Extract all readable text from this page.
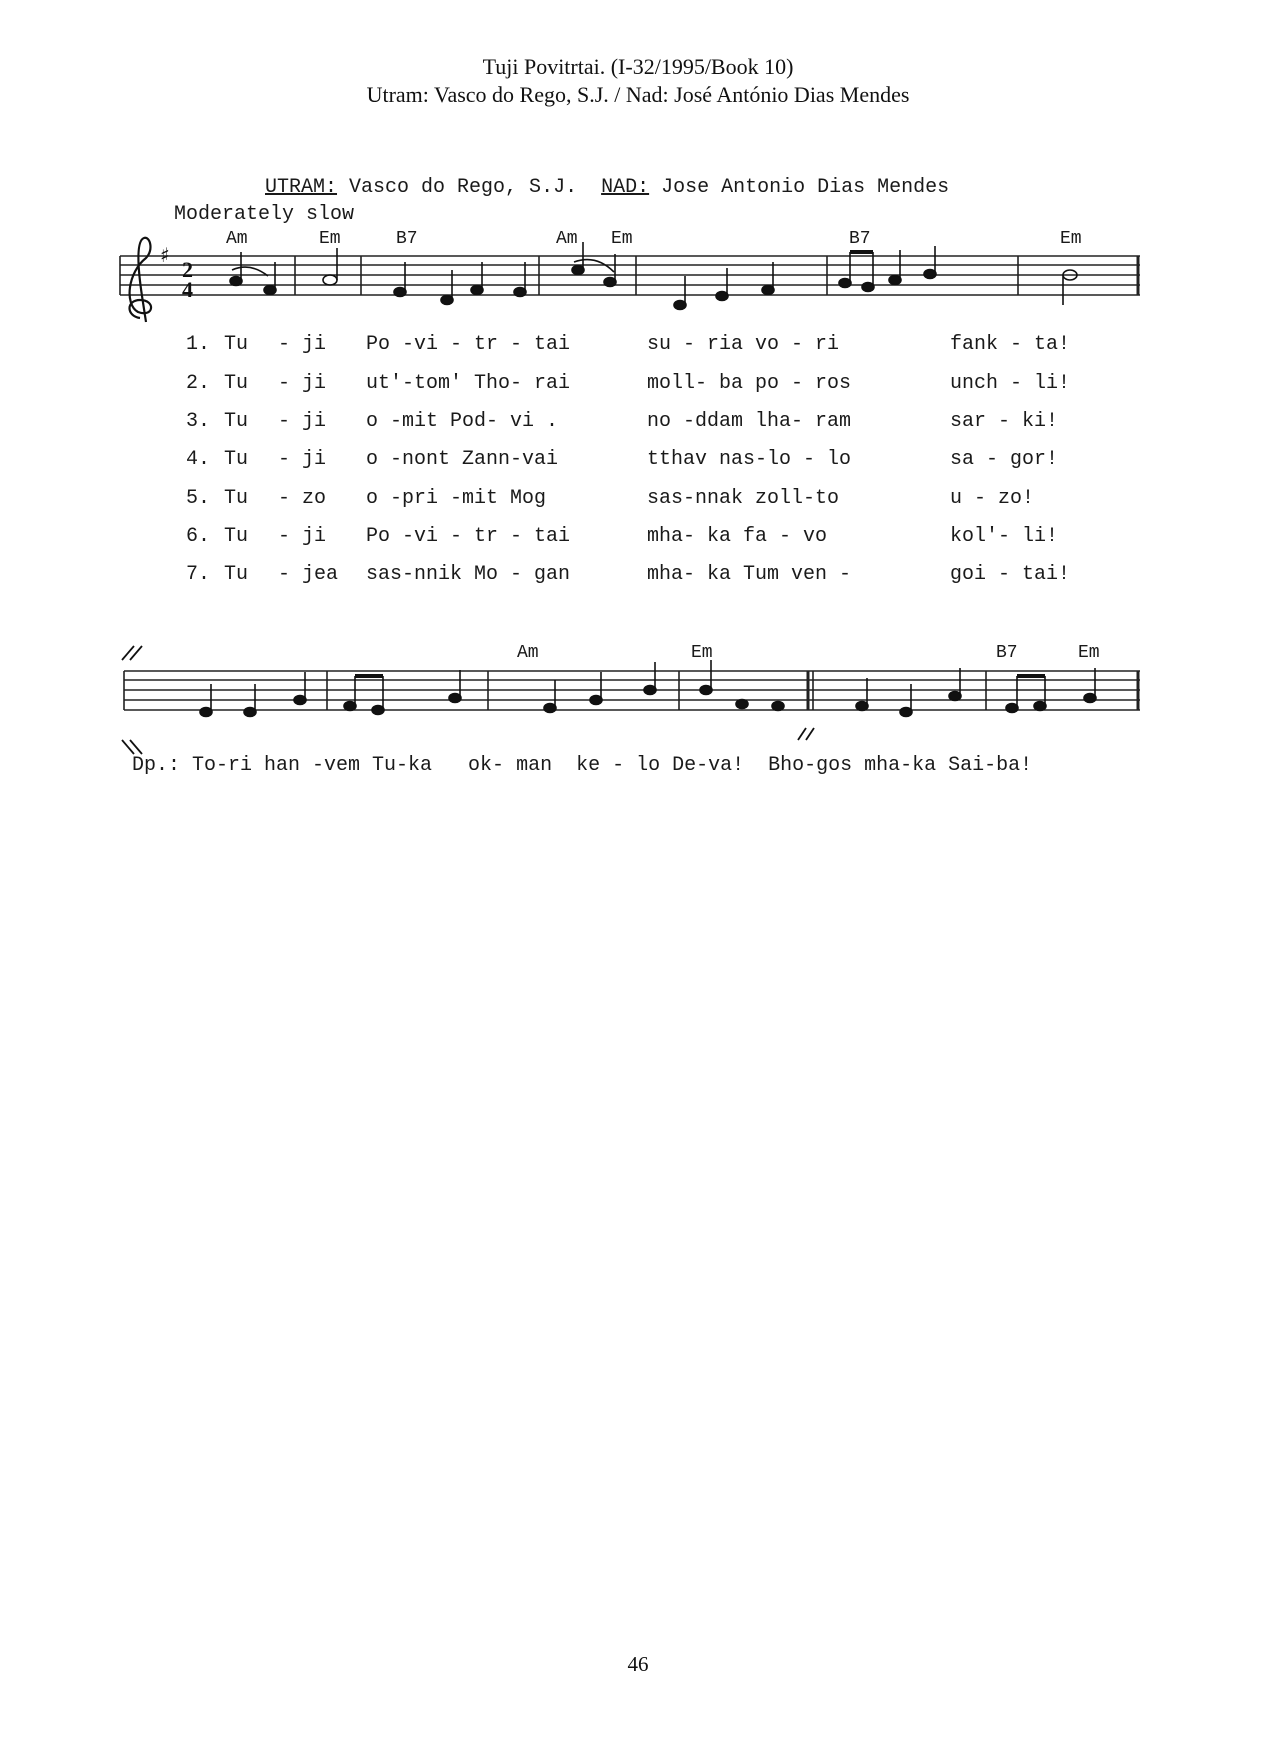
Tuji Povitrtai. (I-32/1995/Book 10)
Utram: Vasco do Rego, S.J. / Nad: José António Dias Mendes
UTRAM: Vasco do Rego, S.J. NAD: Jose Antonio Dias Mendes
Moderately slow
Am	Em	B7	Am Em	B7	Em
♯
2
4
1. Tu - ji Po -vi - tr - tai	su - ria vo - ri	fank - ta!
2. Tu - ji ut'-tom' Tho- rai	moll- ba po - ros	unch - li!
3. Tu - ji o -mit Pod- vi .	no -ddam lha- ram	sar - ki!
4. Tu - ji o -nont Zann-vai	tthav nas-lo - lo	sa - gor!
5. Tu - zo o -pri -mit Mog	sas-nnak zoll-to	u - zo!
6. Tu - ji Po -vi - tr - tai	mha- ka fa - vo	kol'- li!
7. Tu - jea sas-nnik Mo - gan	mha- ka Tum ven -	goi - tai!
Am	Em	B7	Em
Dp.: To-ri han -vem Tu-ka   ok- man  ke - lo De-va!  Bho-gos mha-ka Sai-ba!
46
